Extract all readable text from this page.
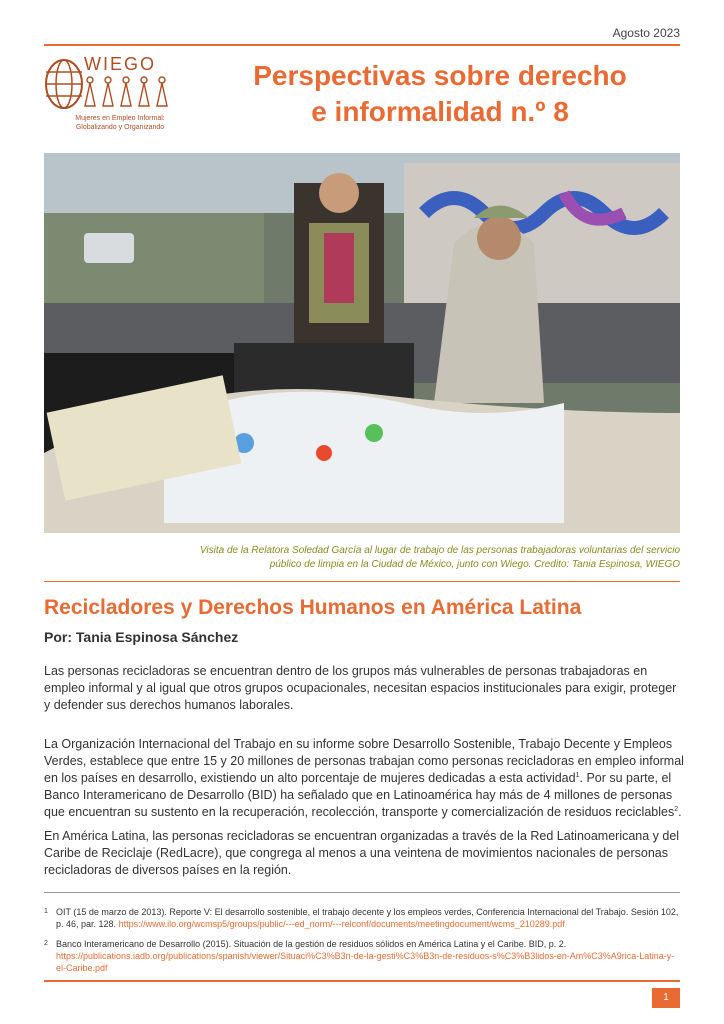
Agosto 2023
WIEGO
Mujeres en Empleo Informal:
Globalizando y Organizando
Perspectivas sobre derecho
e informalidad n.º 8
Visita de la Relatora Soledad García al lugar de trabajo de las personas trabajadoras voluntarias del servicio
público de limpia en la Ciudad de México, junto con Wiego. Credito: Tania Espinosa, WIEGO
Recicladores y Derechos Humanos en América Latina
Por: Tania Espinosa Sánchez
Las personas recicladoras se encuentran dentro de los grupos más vulnerables de personas trabajadoras en empleo informal y al igual que otros grupos ocupacionales, necesitan espacios institucionales para exigir, proteger y defender sus derechos humanos laborales.
La Organización Internacional del Trabajo en su informe sobre Desarrollo Sostenible, Trabajo Decente y Empleos Verdes, establece que entre 15 y 20 millones de personas trabajan como personas recicladoras en empleo informal en los países en desarrollo, existiendo un alto porcentaje de mujeres dedicadas a esta actividad$^1$. Por su parte, el Banco Interamericano de Desarrollo (BID) ha señalado que en Latinoamérica hay más de 4 millones de personas que encuentran su sustento en la recuperación, recolección, transporte y comercialización de residuos reciclables$^2$.
En América Latina, las personas recicladoras se encuentran organizadas a través de la Red Latinoamericana y del Caribe de Reciclaje (RedLacre), que congrega al menos a una veintena de movimientos nacionales de personas recicladoras de diversos países en la región.
1 OIT (15 de marzo de 2013). Reporte V: El desarrollo sostenible, el trabajo decente y los empleos verdes, Conferencia Internacional del Trabajo. Sesión 102, p. 46, par. 128. https://www.ilo.org/wcmsp5/groups/public/---ed_norm/---relconf/documents/meetingdocument/wcms_210289.pdf
2 Banco Interamericano de Desarrollo (2015). Situación de la gestión de residuos sólidos en América Latina y el Caribe. BID, p. 2. https://publications.iadb.org/publications/spanish/viewer/Situaci%C3%B3n-de-la-gesti%C3%B3n-de-residuos-s%C3%B3lidos-en-Am%C3%A9rica-Latina-y-el-Caribe.pdf
1
